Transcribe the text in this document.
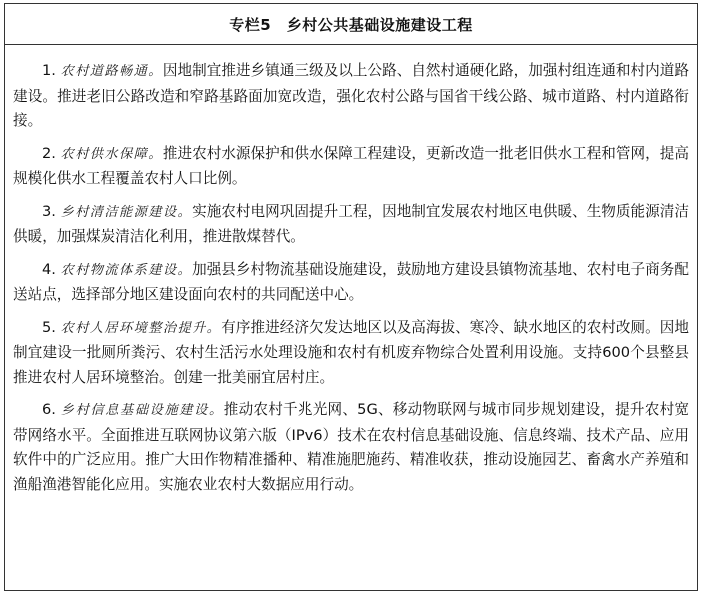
专栏5　乡村公共基础设施建设工程

1. 农村道路畅通。因地制宜推进乡镇通三级及以上公路、自然村通硬化路，加强村组连通和村内道路建设。推进老旧公路改造和窄路基路面加宽改造，强化农村公路与国省干线公路、城市道路、村内道路衔接。

2. 农村供水保障。推进农村水源保护和供水保障工程建设，更新改造一批老旧供水工程和管网，提高规模化供水工程覆盖农村人口比例。

3. 乡村清洁能源建设。实施农村电网巩固提升工程，因地制宜发展农村地区电供暖、生物质能源清洁供暖，加强煤炭清洁化利用，推进散煤替代。

4. 农村物流体系建设。加强县乡村物流基础设施建设，鼓励地方建设县镇物流基地、农村电子商务配送站点，选择部分地区建设面向农村的共同配送中心。

5. 农村人居环境整治提升。有序推进经济欠发达地区以及高海拔、寒冷、缺水地区的农村改厕。因地制宜建设一批厕所粪污、农村生活污水处理设施和农村有机废弃物综合处置利用设施。支持600个县整县推进农村人居环境整治。创建一批美丽宜居村庄。

6. 乡村信息基础设施建设。推动农村千兆光网、5G、移动物联网与城市同步规划建设，提升农村宽带网络水平。全面推进互联网协议第六版（IPv6）技术在农村信息基础设施、信息终端、技术产品、应用软件中的广泛应用。推广大田作物精准播种、精准施肥施药、精准收获，推动设施园艺、畜禽水产养殖和渔船渔港智能化应用。实施农业农村大数据应用行动。
